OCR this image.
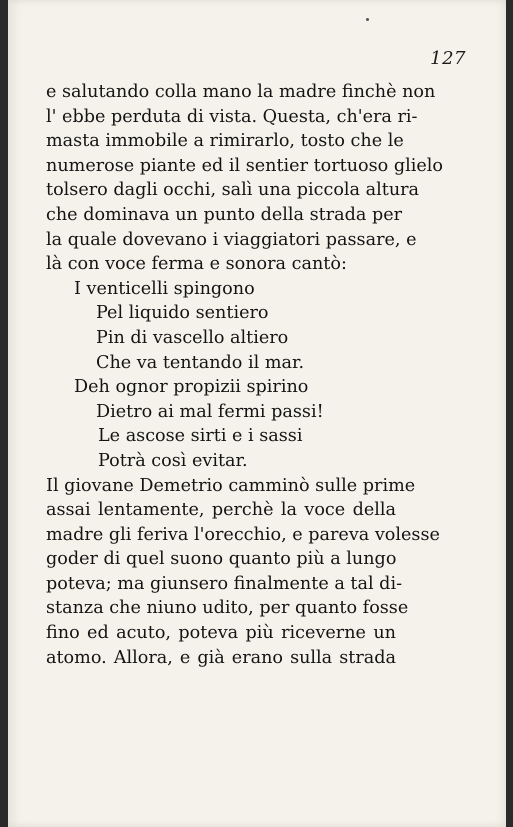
127
e salutando colla mano la madre finchè non
l' ebbe perduta di vista. Questa, ch'era ri-
masta immobile a rimirarlo, tosto che le
numerose piante ed il sentier tortuoso glielo
tolsero dagli occhi, salì una piccola altura
che dominava un punto della strada per
la quale dovevano i viaggiatori passare, e
là con voce ferma e sonora cantò:
I venticelli spingono
Pel liquido sentiero
Pin di vascello altiero
Che va tentando il mar.
Deh ognor propizii spirino
Dietro ai mal fermi passi!
Le ascose sirti e i sassi
Potrà così evitar.
Il giovane Demetrio camminò sulle prime
assai lentamente, perchè la voce della
madre gli feriva l'orecchio, e pareva volesse
goder di quel suono quanto più a lungo
poteva; ma giunsero finalmente a tal di-
stanza che niuno udito, per quanto fosse
fino ed acuto, poteva più riceverne un
atomo. Allora, e già erano sulla strada
